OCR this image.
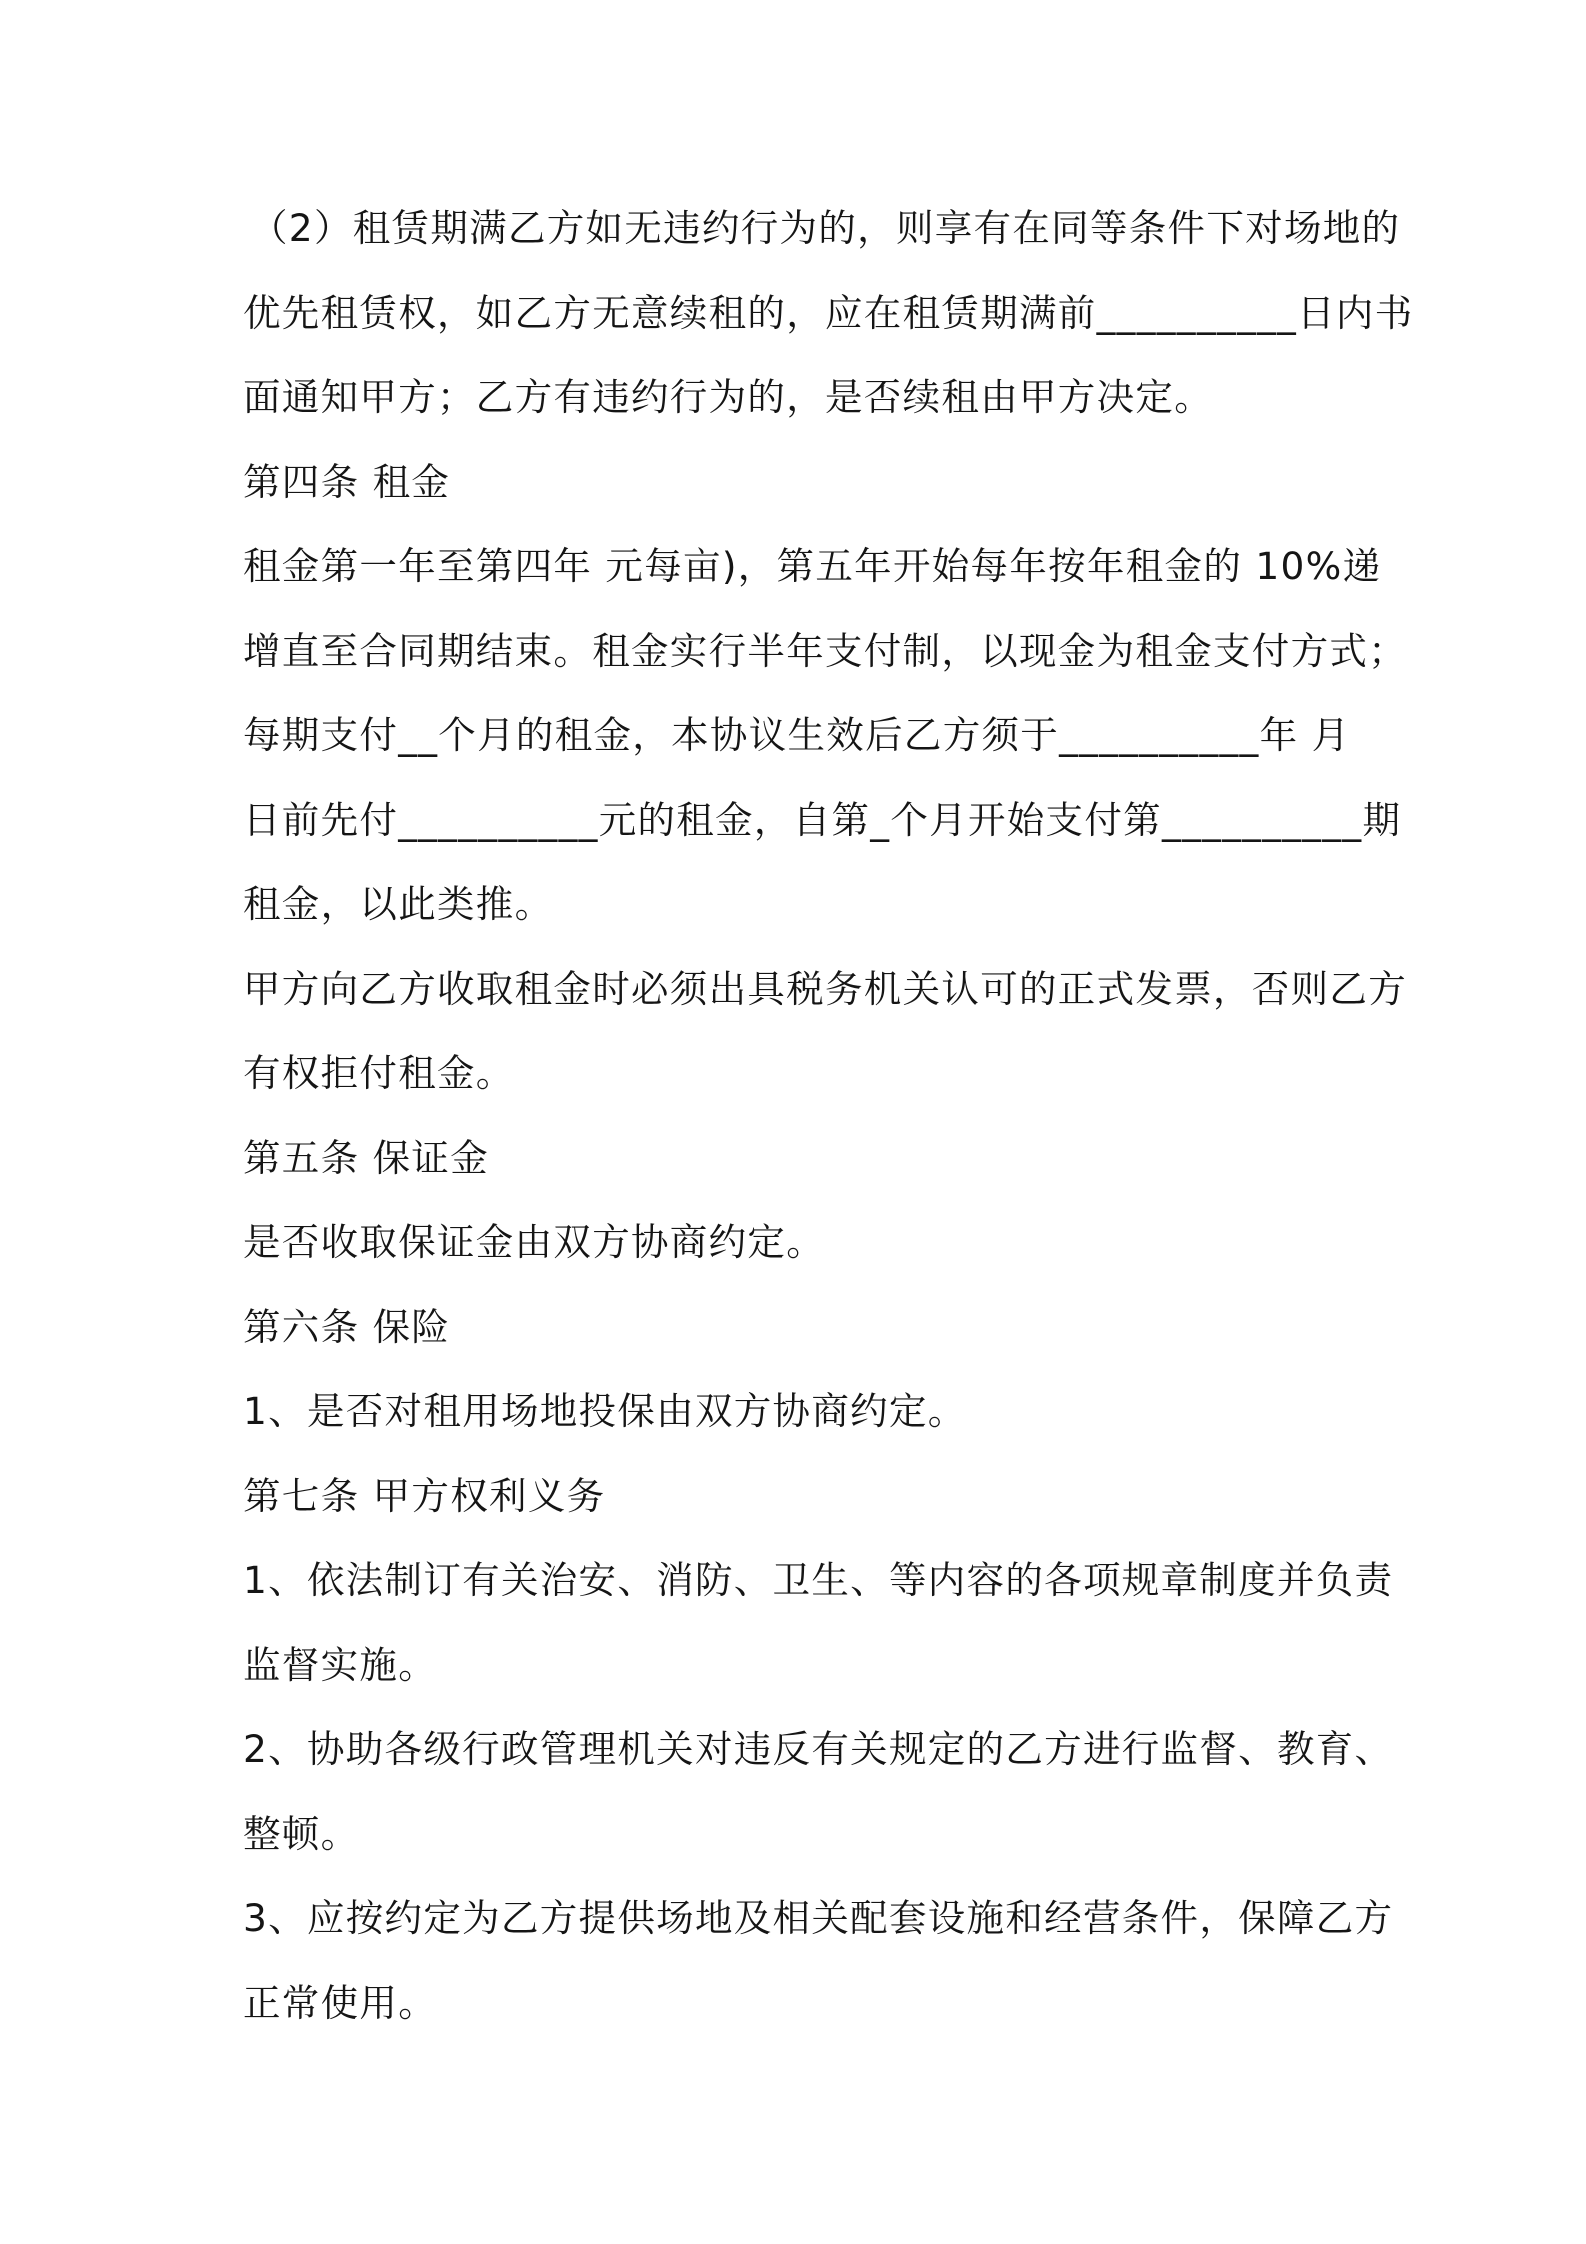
（2）租赁期满乙方如无违约行为的，则享有在同等条件下对场地的

优先租赁权，如乙方无意续租的，应在租赁期满前__________日内书

面通知甲方；乙方有违约行为的，是否续租由甲方决定。

第四条 租金

租金第一年至第四年 元每亩)，第五年开始每年按年租金的 10%递

增直至合同期结束。租金实行半年支付制，以现金为租金支付方式；

每期支付__个月的租金，本协议生效后乙方须于__________年 月

日前先付__________元的租金，自第_个月开始支付第__________期

租金，以此类推。

甲方向乙方收取租金时必须出具税务机关认可的正式发票，否则乙方

有权拒付租金。

第五条 保证金

是否收取保证金由双方协商约定。

第六条 保险

1、是否对租用场地投保由双方协商约定。

第七条 甲方权利义务

1、依法制订有关治安、消防、卫生、等内容的各项规章制度并负责

监督实施。

2、协助各级行政管理机关对违反有关规定的乙方进行监督、教育、

整顿。

3、应按约定为乙方提供场地及相关配套设施和经营条件，保障乙方

正常使用。
